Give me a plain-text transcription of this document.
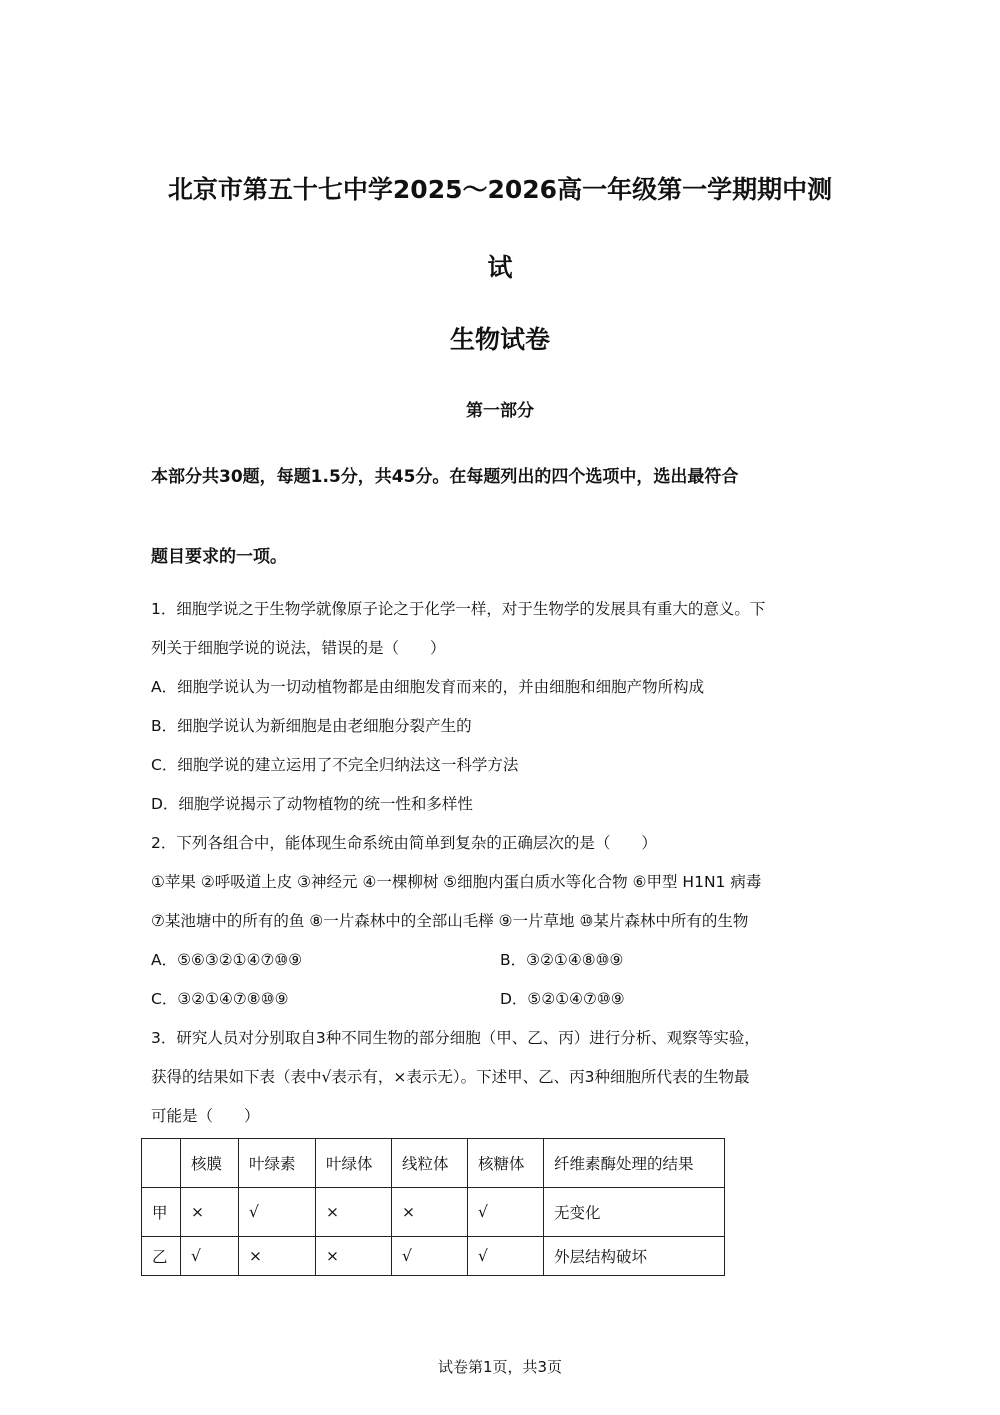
北京市第五十七中学2025～2026高一年级第一学期期中测
试
生物试卷
第一部分
本部分共30题，每题1.5分，共45分。在每题列出的四个选项中，选出最符合
题目要求的一项。
1．细胞学说之于生物学就像原子论之于化学一样，对于生物学的发展具有重大的意义。下
列关于细胞学说的说法，错误的是（　　）
A．细胞学说认为一切动植物都是由细胞发育而来的，并由细胞和细胞产物所构成
B．细胞学说认为新细胞是由老细胞分裂产生的
C．细胞学说的建立运用了不完全归纳法这一科学方法
D．细胞学说揭示了动物植物的统一性和多样性
2．下列各组合中，能体现生命系统由简单到复杂的正确层次的是（　　）
①苹果 ②呼吸道上皮 ③神经元 ④一棵柳树 ⑤细胞内蛋白质水等化合物 ⑥甲型 H1N1 病毒
⑦某池塘中的所有的鱼 ⑧一片森林中的全部山毛榉 ⑨一片草地 ⑩某片森林中所有的生物
A．⑤⑥③②①④⑦⑩⑨	B．③②①④⑧⑩⑨
C．③②①④⑦⑧⑩⑨	D．⑤②①④⑦⑩⑨
3．研究人员对分别取自3种不同生物的部分细胞（甲、乙、丙）进行分析、观察等实验，
获得的结果如下表（表中√表示有，×表示无）。下述甲、乙、丙3种细胞所代表的生物最
可能是（　　）
	核膜	叶绿素	叶绿体	线粒体	核糖体	纤维素酶处理的结果
甲	×	√	×	×	√	无变化
乙	√	×	×	√	√	外层结构破坏
试卷第1页，共3页
